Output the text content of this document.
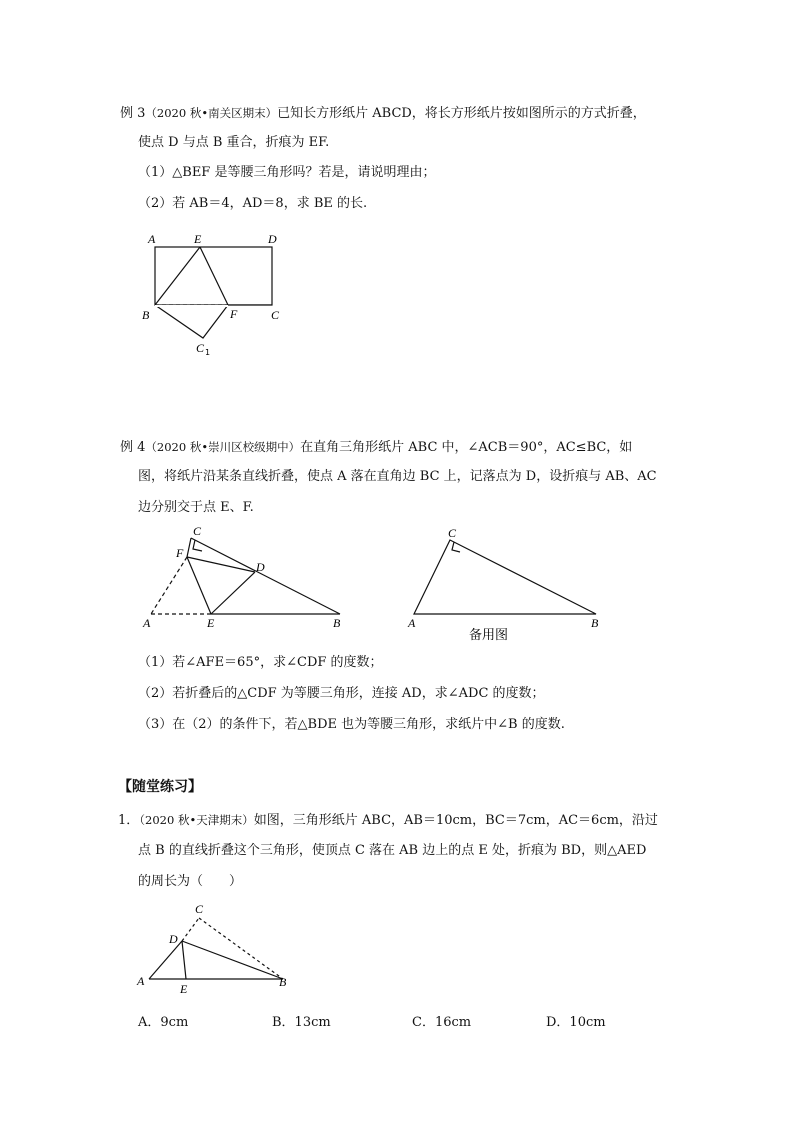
例 3（2020 秋•南关区期末）已知长方形纸片 ABCD，将长方形纸片按如图所示的方式折叠，
使点 D 与点 B 重合，折痕为 EF.
（1）△BEF 是等腰三角形吗？若是，请说明理由；
（2）若 AB＝4，AD＝8，求 BE 的长.
A	E	D
B	F	C
C 1
例 4（2020 秋•崇川区校级期中）在直角三角形纸片 ABC 中，∠ACB＝90°，AC≤BC，如
图，将纸片沿某条直线折叠，使点 A 落在直角边 BC 上，记落点为 D，设折痕与 AB、AC
边分别交于点 E、F.
C
F
D
A	E	B
C
A	B
备用图
（1）若∠AFE＝65°，求∠CDF 的度数；
（2）若折叠后的△CDF 为等腰三角形，连接 AD，求∠ADC 的度数；
（3）在（2）的条件下，若△BDE 也为等腰三角形，求纸片中∠B 的度数.
【随堂练习】
1．（2020 秋•天津期末）如图，三角形纸片 ABC，AB＝10cm，BC＝7cm，AC＝6cm，沿过
点 B 的直线折叠这个三角形，使顶点 C 落在 AB 边上的点 E 处，折痕为 BD，则△AED
的周长为（　　）
C
D
A
E	B
A．9cm	B．13cm	C．16cm	D．10cm
